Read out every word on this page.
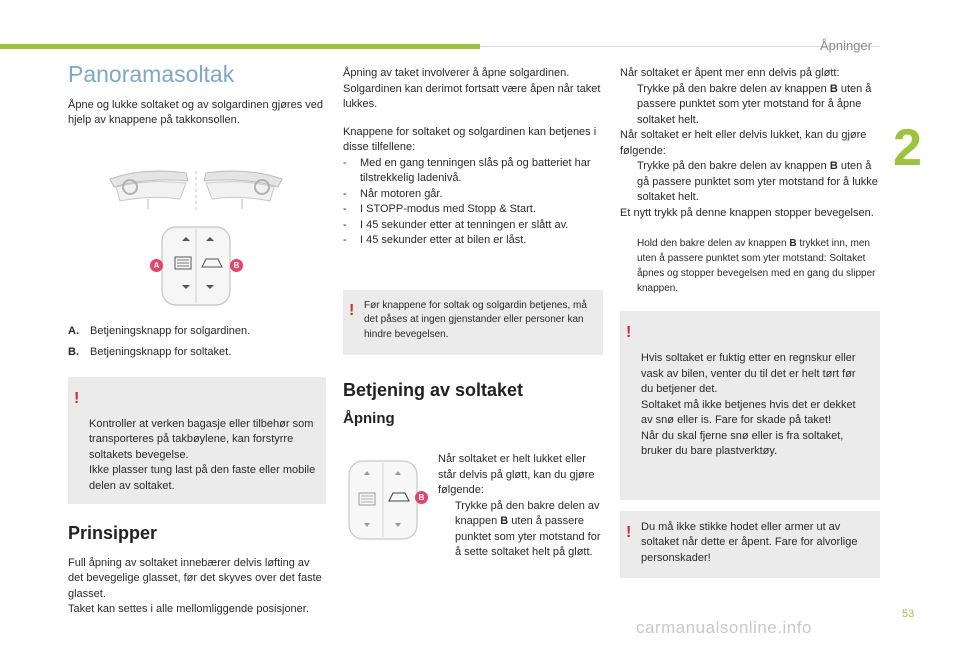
Åpninger
2
Panoramasoltak

Åpne og lukke soltaket og av solgardinen gjøres ved hjelp av knappene på takkonsollen.

A	B
A.	Betjeningsknapp for solgardinen.
B.	Betjeningsknapp for soltaket.

!

Kontroller at verken bagasje eller tilbehør som transporteres på takbøylene, kan forstyrre soltakets bevegelse.
Ikke plasser tung last på den faste eller mobile delen av soltaket.

Prinsipper

Full åpning av soltaket innebærer delvis løfting av det bevegelige glasset, før det skyves over det faste glasset.
Taket kan settes i alle mellomliggende posisjoner.

Åpning av taket involverer å åpne solgardinen. Solgardinen kan derimot fortsatt være åpen når taket lukkes.

Knappene for soltaket og solgardinen kan betjenes i disse tilfellene:

- Med en gang tenningen slås på og batteriet har tilstrekkelig ladenivå.
- Når motoren går.
- I STOPP-modus med Stopp & Start.
- I 45 sekunder etter at tenningen er slått av.
- I 45 sekunder etter at bilen er låst.
! Før knappene for soltak og solgardin betjenes, må det påses at ingen gjenstander eller personer kan hindre bevegelsen.
Betjening av soltaket
Åpning
B

Når soltaket er helt lukket eller står delvis på gløtt, kan du gjøre følgende:

Trykke på den bakre delen av knappen B uten å passere punktet som yter motstand for å sette soltaket helt på gløtt.

Når soltaket er åpent mer enn delvis på gløtt:

Trykke på den bakre delen av knappen B uten å passere punktet som yter motstand for å åpne soltaket helt.

Når soltaket er helt eller delvis lukket, kan du gjøre følgende:

Trykke på den bakre delen av knappen B uten å gå passere punktet som yter motstand for å lukke soltaket helt.

Et nytt trykk på denne knappen stopper bevegelsen.

Hold den bakre delen av knappen B trykket inn, men uten å passere punktet som yter motstand: Soltaket åpnes og stopper bevegelsen med en gang du slipper knappen.

!

Hvis soltaket er fuktig etter en regnskur eller vask av bilen, venter du til det er helt tørt før du betjener det.
Soltaket må ikke betjenes hvis det er dekket av snø eller is. Fare for skade på taket!
Når du skal fjerne snø eller is fra soltaket, bruker du bare plastverktøy.

! Du må ikke stikke hodet eller armer ut av soltaket når dette er åpent. Fare for alvorlige personskader!
53
carmanualsonline.info
